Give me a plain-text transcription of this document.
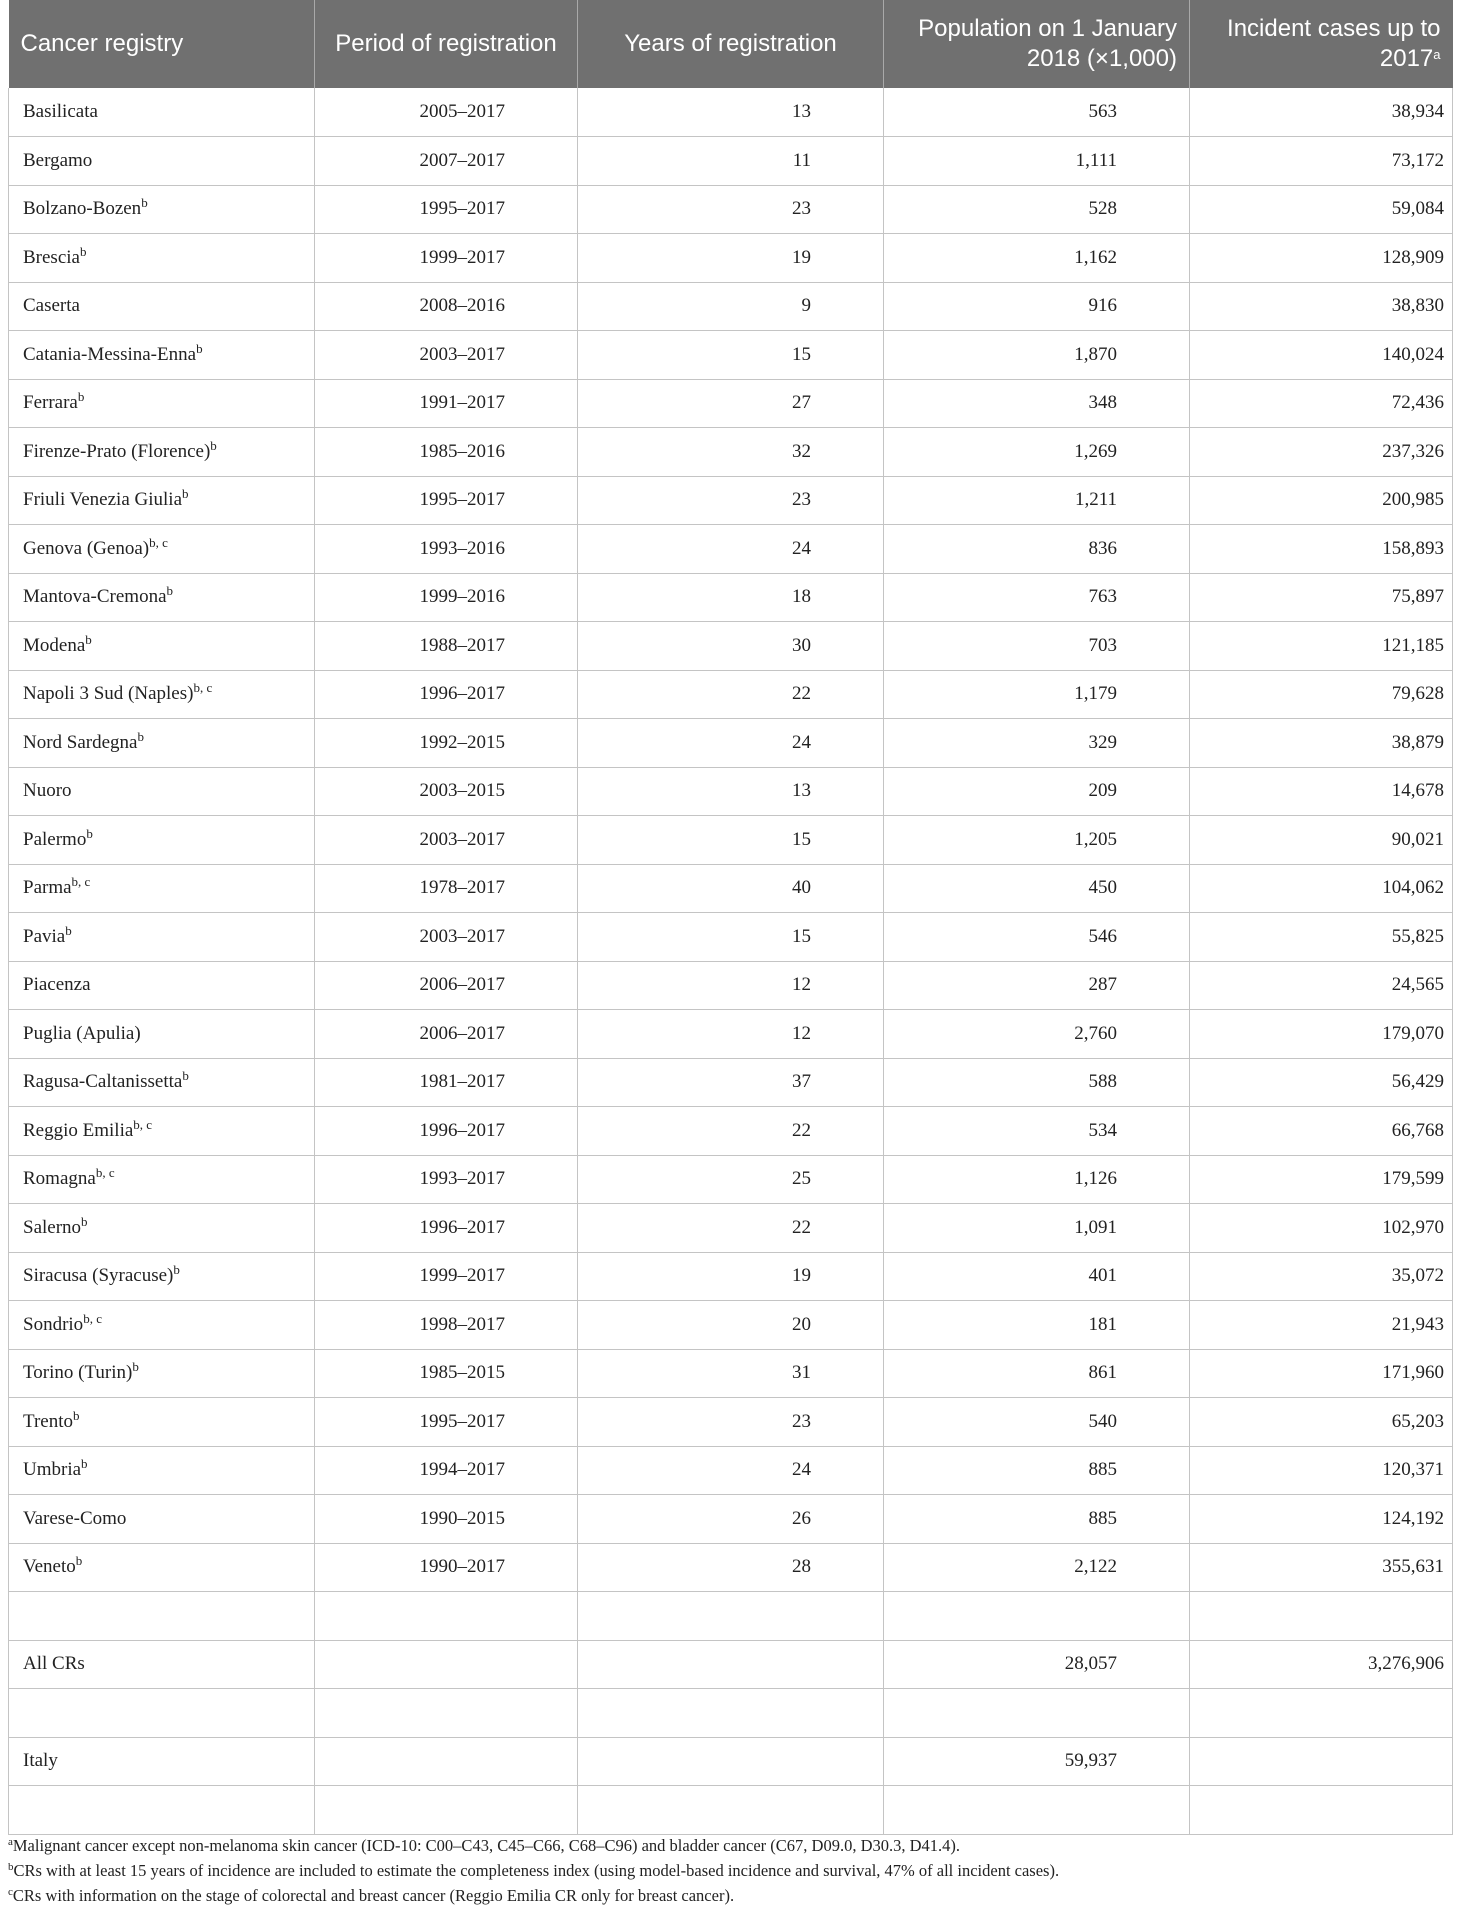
Cancer registry	Period of registration	Years of registration	Population on 1 January 2018 (×1,000)	Incident cases up to 2017$^a$
Basilicata	2005–2017	13	563	38,934
Bergamo	2007–2017	11	1,111	73,172
Bolzano-Bozen$^b$	1995–2017	23	528	59,084
Brescia$^b$	1999–2017	19	1,162	128,909
Caserta	2008–2016	9	916	38,830
Catania-Messina-Enna$^b$	2003–2017	15	1,870	140,024
Ferrara$^b$	1991–2017	27	348	72,436
Firenze-Prato (Florence)$^b$	1985–2016	32	1,269	237,326
Friuli Venezia Giulia$^b$	1995–2017	23	1,211	200,985
Genova (Genoa)$^{b, c}$	1993–2016	24	836	158,893
Mantova-Cremona$^b$	1999–2016	18	763	75,897
Modena$^b$	1988–2017	30	703	121,185
Napoli 3 Sud (Naples)$^{b, c}$	1996–2017	22	1,179	79,628
Nord Sardegna$^b$	1992–2015	24	329	38,879
Nuoro	2003–2015	13	209	14,678
Palermo$^b$	2003–2017	15	1,205	90,021
Parma$^{b, c}$	1978–2017	40	450	104,062
Pavia$^b$	2003–2017	15	546	55,825
Piacenza	2006–2017	12	287	24,565
Puglia (Apulia)	2006–2017	12	2,760	179,070
Ragusa-Caltanissetta$^b$	1981–2017	37	588	56,429
Reggio Emilia$^{b, c}$	1996–2017	22	534	66,768
Romagna$^{b, c}$	1993–2017	25	1,126	179,599
Salerno$^b$	1996–2017	22	1,091	102,970
Siracusa (Syracuse)$^b$	1999–2017	19	401	35,072
Sondrio$^{b, c}$	1998–2017	20	181	21,943
Torino (Turin)$^b$	1985–2015	31	861	171,960
Trento$^b$	1995–2017	23	540	65,203
Umbria$^b$	1994–2017	24	885	120,371
Varese-Como	1990–2015	26	885	124,192
Veneto$^b$	1990–2017	28	2,122	355,631

All CRs			28,057	3,276,906

Italy			59,937	

$^a$Malignant cancer except non-melanoma skin cancer (ICD-10: C00–C43, C45–C66, C68–C96) and bladder cancer (C67, D09.0, D30.3, D41.4).

$^b$CRs with at least 15 years of incidence are included to estimate the completeness index (using model-based incidence and survival, 47% of all incident cases).

$^c$CRs with information on the stage of colorectal and breast cancer (Reggio Emilia CR only for breast cancer).
